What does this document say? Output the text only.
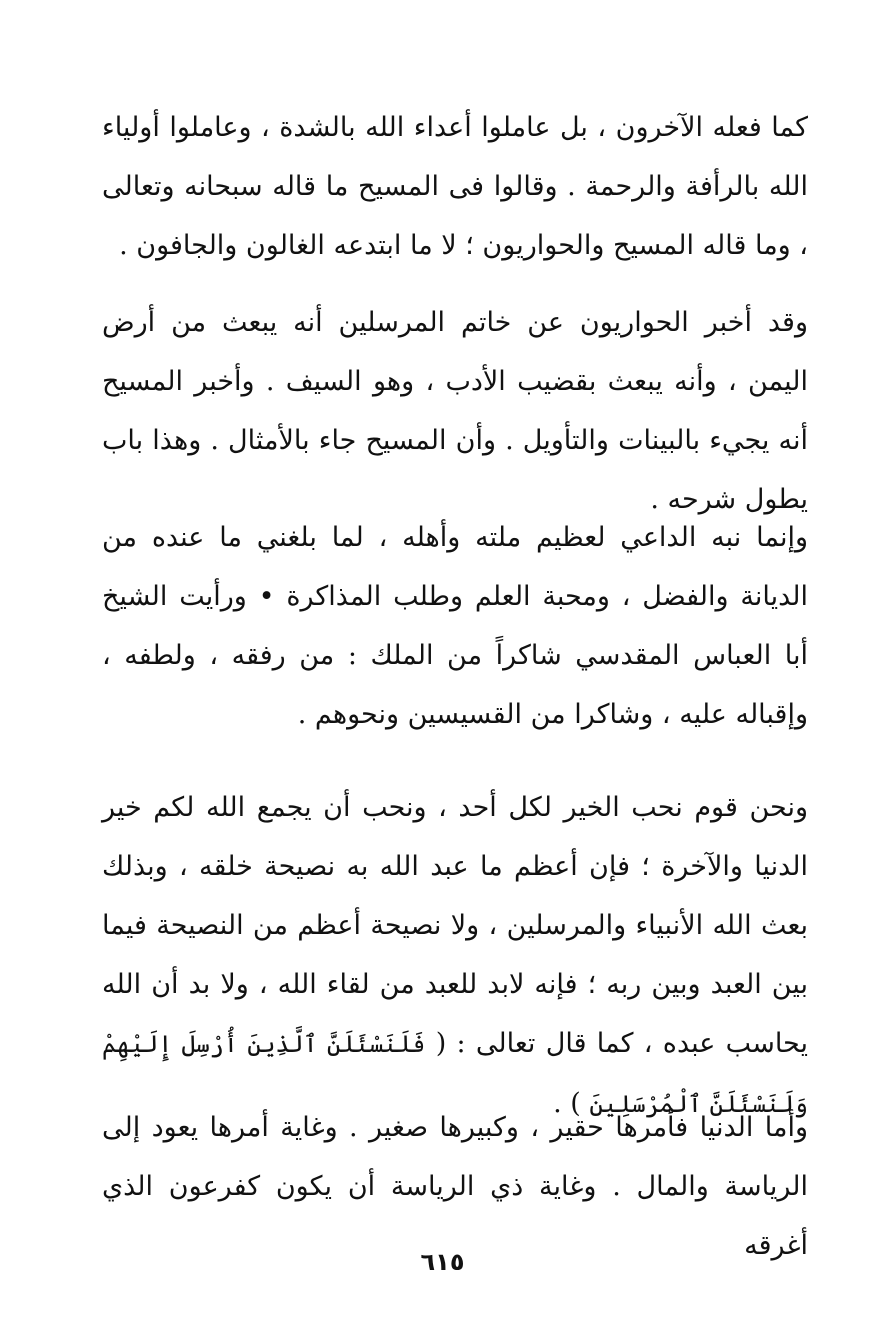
كما فعله الآخرون ، بل عاملوا أعداء الله بالشدة ، وعاملوا أولياء الله بالرأفة والرحمة . وقالوا فى المسيح ما قاله سبحانه وتعالى ، وما قاله المسيح والحواريون ؛ لا ما ابتدعه الغالون والجافون .

وقد أخبر الحواريون عن خاتم المرسلين أنه يبعث من أرض اليمن ، وأنه يبعث بقضيب الأدب ، وهو السيف . وأخبر المسيح أنه يجيء بالبينات والتأويل . وأن المسيح جاء بالأمثال . وهذا باب يطول شرحه .

وإنما نبه الداعي لعظيم ملته وأهله ، لما بلغني ما عنده من الديانة والفضل ، ومحبة العلم وطلب المذاكرة • ورأيت الشيخ أبا العباس المقدسي شاكراً من الملك : من رفقه ، ولطفه ، وإقباله عليه ، وشاكرا من القسيسين ونحوهم .

ونحن قوم نحب الخير لكل أحد ، ونحب أن يجمع الله لكم خير الدنيا والآخرة ؛ فإن أعظم ما عبد الله به نصيحة خلقه ، وبذلك بعث الله الأنبياء والمرسلين ، ولا نصيحة أعظم من النصيحة فيما بين العبد وبين ربه ؛ فإنه لابد للعبد من لقاء الله ، ولا بد أن الله يحاسب عبده ، كما قال تعالى : ( فَلَنَسْئَلَنَّ ٱلَّذِينَ أُرْسِلَ إِلَيْهِمْ وَلَنَسْئَلَنَّ ٱلْمُرْسَلِينَ ) .

وأما الدنيا فأمرها حقير ، وكبيرها صغير . وغاية أمرها يعود إلى الرياسة والمال . وغاية ذي الرياسة أن يكون كفرعون الذي أغرقه

٦١٥
